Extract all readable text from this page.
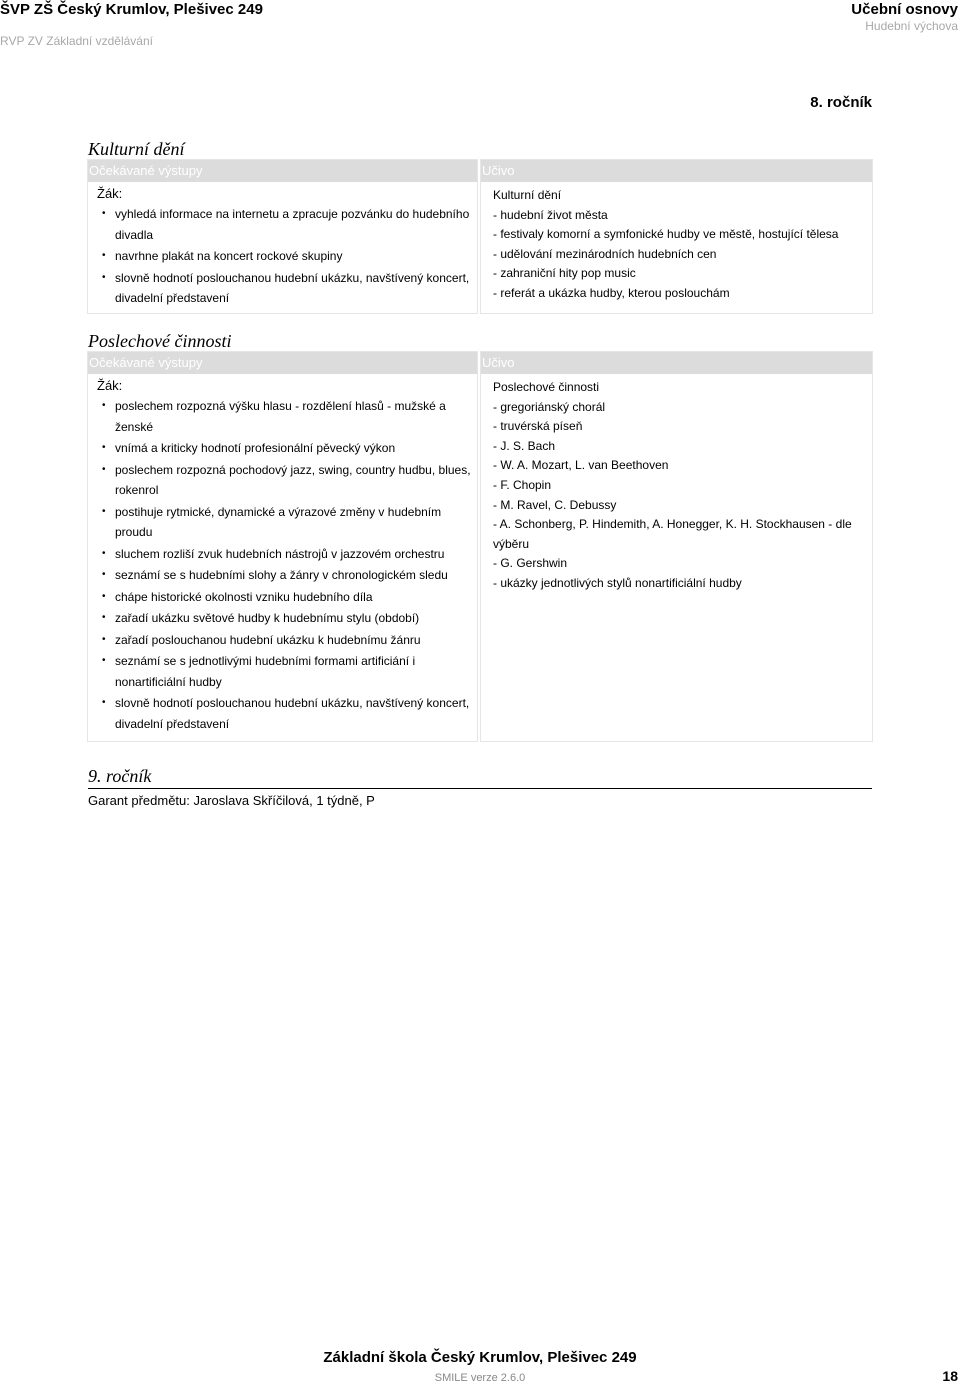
ŠVP ZŠ Český Krumlov, Plešivec 249
RVP ZV Základní vzdělávání
Učební osnovy
Hudební výchova
8. ročník
Kulturní dění
Očekávané výstupy
Žák:
• vyhledá informace na internetu a zpracuje pozvánku do hudebního divadla
• navrhne plakát na koncert rockové skupiny
• slovně hodnotí poslouchanou hudební ukázku, navštívený koncert, divadelní představení
Učivo
Kulturní dění
- hudební život města
- festivaly komorní a symfonické hudby ve městě, hostující tělesa
- udělování mezinárodních hudebních cen
- zahraniční hity pop music
- referát a ukázka hudby, kterou poslouchám
Poslechové činnosti
Očekávané výstupy
Žák:
• poslechem rozpozná výšku hlasu - rozdělení hlasů - mužské a ženské
• vnímá a kriticky hodnotí profesionální pěvecký výkon
• poslechem rozpozná pochodový jazz, swing, country hudbu, blues, rokenrol
• postihuje rytmické, dynamické a výrazové změny v hudebním proudu
• sluchem rozliší zvuk hudebních nástrojů v jazzovém orchestru
• seznámí se s hudebními slohy a žánry v chronologickém sledu
• chápe historické okolnosti vzniku hudebního díla
• zařadí ukázku světové hudby k hudebnímu stylu (období)
• zařadí poslouchanou hudební ukázku k hudebnímu žánru
• seznámí se s jednotlivými hudebními formami artificiání i nonartificiální hudby
• slovně hodnotí poslouchanou hudební ukázku, navštívený koncert, divadelní představení
Učivo
Poslechové činnosti
- gregoriánský chorál
- truvérská píseň
- J. S. Bach
- W. A. Mozart, L. van Beethoven
- F. Chopin
- M. Ravel, C. Debussy
- A. Schonberg, P. Hindemith, A. Honegger, K. H. Stockhausen - dle výběru
- G. Gershwin
- ukázky jednotlivých stylů nonartificiální hudby
9. ročník
Garant předmětu: Jaroslava Skříčilová, 1 týdně, P
Základní škola Český Krumlov, Plešivec 249
SMILE verze 2.6.0	18
